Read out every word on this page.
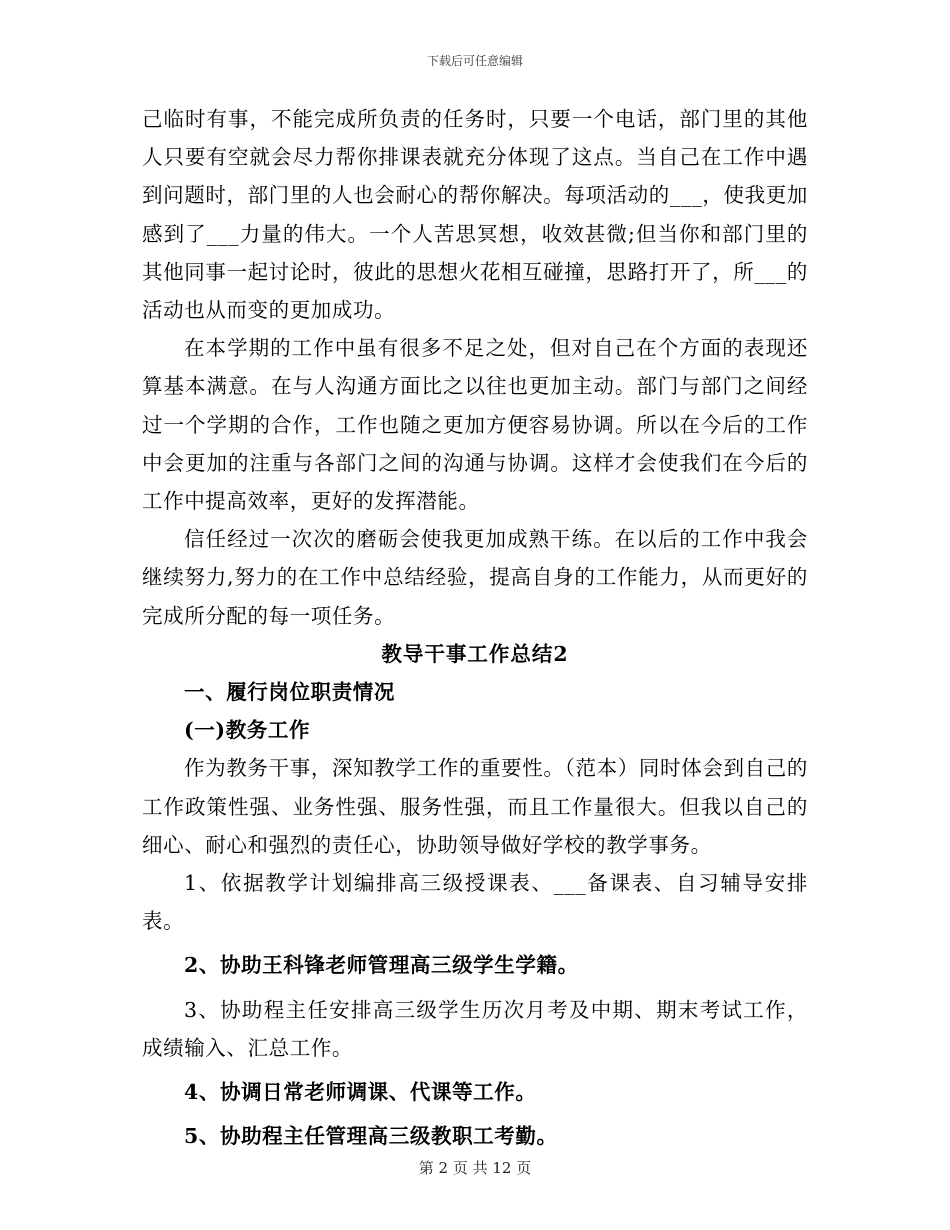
下载后可任意编辑

己临时有事，不能完成所负责的任务时，只要一个电话，部门里的其他人只要有空就会尽力帮你排课表就充分体现了这点。当自己在工作中遇到问题时，部门里的人也会耐心的帮你解决。每项活动的___，使我更加感到了___力量的伟大。一个人苦思冥想，收效甚微;但当你和部门里的其他同事一起讨论时，彼此的思想火花相互碰撞，思路打开了，所___的活动也从而变的更加成功。

在本学期的工作中虽有很多不足之处，但对自己在个方面的表现还算基本满意。在与人沟通方面比之以往也更加主动。部门与部门之间经过一个学期的合作，工作也随之更加方便容易协调。所以在今后的工作中会更加的注重与各部门之间的沟通与协调。这样才会使我们在今后的工作中提高效率，更好的发挥潜能。

信任经过一次次的磨砺会使我更加成熟干练。在以后的工作中我会继续努力,努力的在工作中总结经验，提高自身的工作能力，从而更好的完成所分配的每一项任务。

教导干事工作总结2

一、履行岗位职责情况

(一)教务工作

作为教务干事，深知教学工作的重要性。（范本）同时体会到自己的工作政策性强、业务性强、服务性强，而且工作量很大。但我以自己的细心、耐心和强烈的责任心，协助领导做好学校的教学事务。

1、依据教学计划编排高三级授课表、___备课表、自习辅导安排表。

2、协助王科锋老师管理高三级学生学籍。

3、协助程主任安排高三级学生历次月考及中期、期末考试工作，成绩输入、汇总工作。

4、协调日常老师调课、代课等工作。

5、协助程主任管理高三级教职工考勤。

第 2 页 共 12 页
